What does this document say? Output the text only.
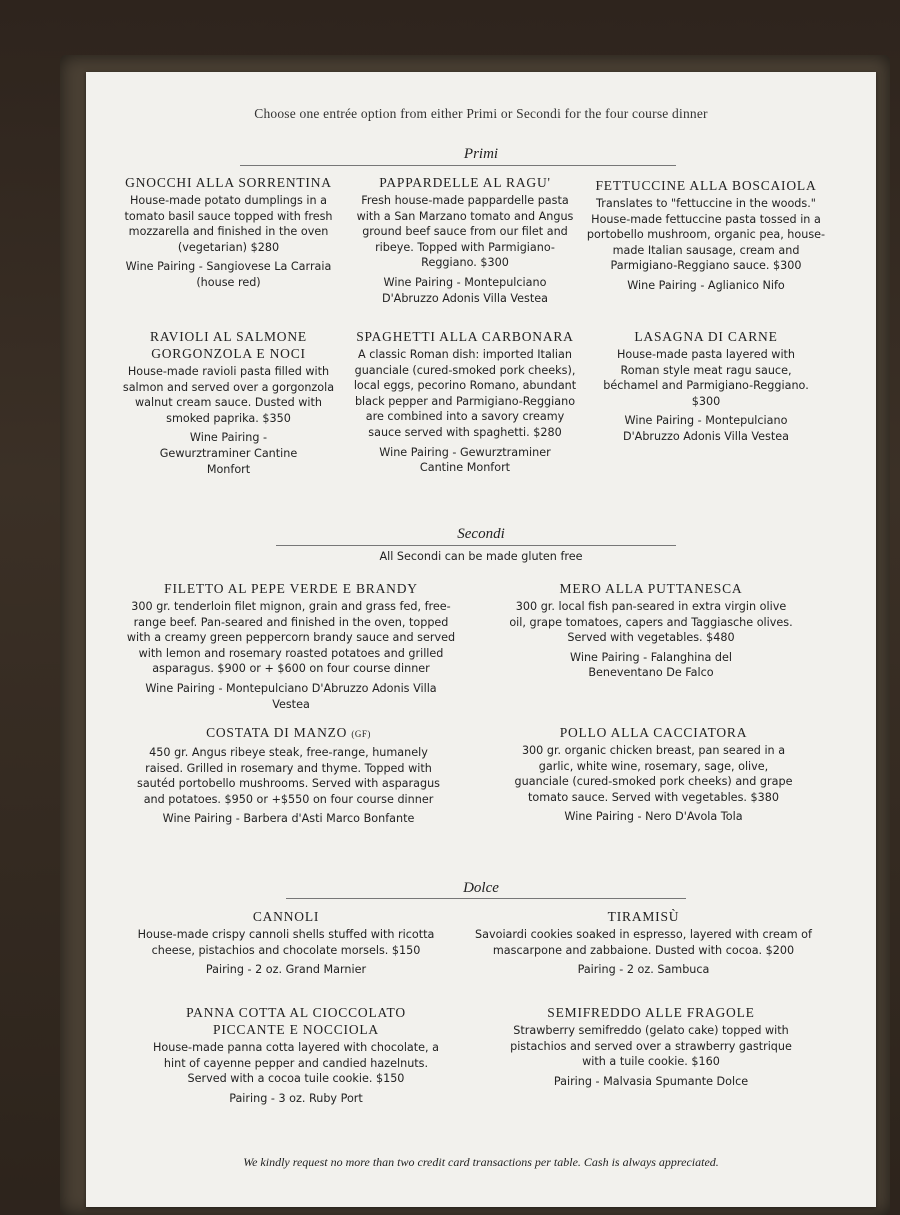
Choose one entrée option from either Primi or Secondi for the four course dinner
Primi
GNOCCHI ALLA SORRENTINA
House-made potato dumplings in a tomato basil sauce topped with fresh mozzarella and finished in the oven (vegetarian) $280
Wine Pairing - Sangiovese La Carraia (house red)
PAPPARDELLE AL RAGU'
Fresh house-made pappardelle pasta with a San Marzano tomato and Angus ground beef sauce from our filet and ribeye. Topped with Parmigiano-Reggiano. $300
Wine Pairing - Montepulciano D'Abruzzo Adonis Villa Vestea
FETTUCCINE ALLA BOSCAIOLA
Translates to "fettuccine in the woods." House-made fettuccine pasta tossed in a portobello mushroom, organic pea, house-made Italian sausage, cream and Parmigiano-Reggiano sauce. $300
Wine Pairing - Aglianico Nifo
RAVIOLI AL SALMONE GORGONZOLA E NOCI
House-made ravioli pasta filled with salmon and served over a gorgonzola walnut cream sauce. Dusted with smoked paprika. $350
Wine Pairing - Gewurztraminer Cantine Monfort
SPAGHETTI ALLA CARBONARA
A classic Roman dish: imported Italian guanciale (cured-smoked pork cheeks), local eggs, pecorino Romano, abundant black pepper and Parmigiano-Reggiano are combined into a savory creamy sauce served with spaghetti. $280
Wine Pairing - Gewurztraminer Cantine Monfort
LASAGNA DI CARNE
House-made pasta layered with Roman style meat ragu sauce, béchamel and Parmigiano-Reggiano. $300
Wine Pairing - Montepulciano D'Abruzzo Adonis Villa Vestea
Secondi
All Secondi can be made gluten free
FILETTO AL PEPE VERDE E BRANDY
300 gr. tenderloin filet mignon, grain and grass fed, free-range beef. Pan-seared and finished in the oven, topped with a creamy green peppercorn brandy sauce and served with lemon and rosemary roasted potatoes and grilled asparagus. $900 or + $600 on four course dinner
Wine Pairing - Montepulciano D'Abruzzo Adonis Villa Vestea
MERO ALLA PUTTANESCA
300 gr. local fish pan-seared in extra virgin olive oil, grape tomatoes, capers and Taggiasche olives. Served with vegetables. $480
Wine Pairing - Falanghina del Beneventano De Falco
COSTATA DI MANZO (GF)
450 gr. Angus ribeye steak, free-range, humanely raised. Grilled in rosemary and thyme. Topped with sautéd portobello mushrooms. Served with asparagus and potatoes. $950 or +$550 on four course dinner
Wine Pairing - Barbera d'Asti Marco Bonfante
POLLO ALLA CACCIATORA
300 gr. organic chicken breast, pan seared in a garlic, white wine, rosemary, sage, olive, guanciale (cured-smoked pork cheeks) and grape tomato sauce. Served with vegetables. $380
Wine Pairing - Nero D'Avola Tola
Dolce
CANNOLI
House-made crispy cannoli shells stuffed with ricotta cheese, pistachios and chocolate morsels. $150
Pairing - 2 oz. Grand Marnier
TIRAMISÙ
Savoiardi cookies soaked in espresso, layered with cream of mascarpone and zabbaione. Dusted with cocoa. $200
Pairing - 2 oz. Sambuca
PANNA COTTA AL CIOCCOLATO PICCANTE E NOCCIOLA
House-made panna cotta layered with chocolate, a hint of cayenne pepper and candied hazelnuts. Served with a cocoa tuile cookie. $150
Pairing - 3 oz. Ruby Port
SEMIFREDDO ALLE FRAGOLE
Strawberry semifreddo (gelato cake) topped with pistachios and served over a strawberry gastrique with a tuile cookie. $160
Pairing - Malvasia Spumante Dolce
We kindly request no more than two credit card transactions per table. Cash is always appreciated.
